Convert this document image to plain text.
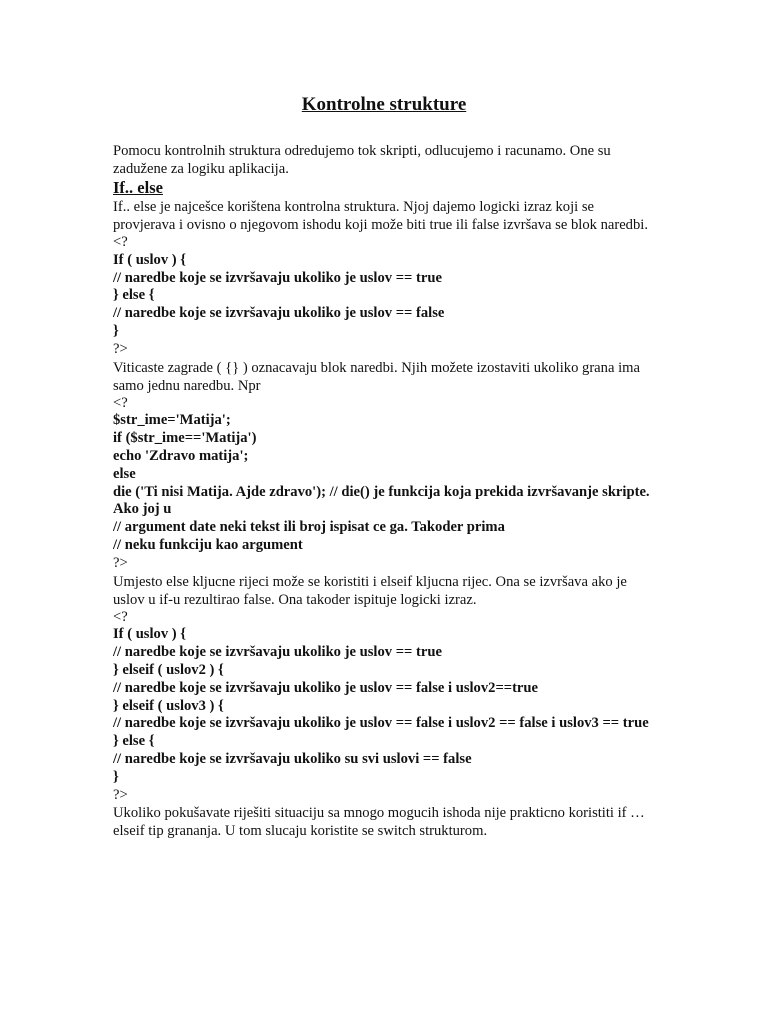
Kontrolne strukture

Pomocu kontrolnih struktura odredujemo tok skripti, odlucujemo i racunamo. One su zadužene za logiku aplikacija.

If.. else

If.. else je najcešce korištena kontrolna struktura. Njoj dajemo logicki izraz koji se provjerava i ovisno o njegovom ishodu koji može biti true ili false izvršava se blok naredbi.

<?

If ( uslov ) {

// naredbe koje se izvršavaju ukoliko je uslov == true

} else {

// naredbe koje se izvršavaju ukoliko je uslov == false

}

?>

Viticaste zagrade ( {} ) oznacavaju blok naredbi. Njih možete izostaviti ukoliko grana ima samo jednu naredbu. Npr

<?

$str_ime='Matija';

if ($str_ime=='Matija')

echo 'Zdravo matija';

else

die ('Ti nisi Matija. Ajde zdravo'); // die() je funkcija koja prekida izvršavanje skripte. Ako joj u

// argument date neki tekst ili broj ispisat ce ga. Takoder prima

// neku funkciju kao argument

?>

Umjesto else kljucne rijeci može se koristiti i elseif kljucna rijec. Ona se izvršava ako je uslov u if-u rezultirao false. Ona takoder ispituje logicki izraz.

<?

If ( uslov ) {

// naredbe koje se izvršavaju ukoliko je uslov == true

} elseif ( uslov2 ) {

// naredbe koje se izvršavaju ukoliko je uslov == false i uslov2==true

} elseif ( uslov3 ) {

// naredbe koje se izvršavaju ukoliko je uslov == false i uslov2 == false i uslov3 == true

} else {

// naredbe koje se izvršavaju ukoliko su svi uslovi == false

}

?>

Ukoliko pokušavate riješiti situaciju sa mnogo mogucih ishoda nije prakticno koristiti if … elseif tip grananja. U tom slucaju koristite se switch strukturom.
